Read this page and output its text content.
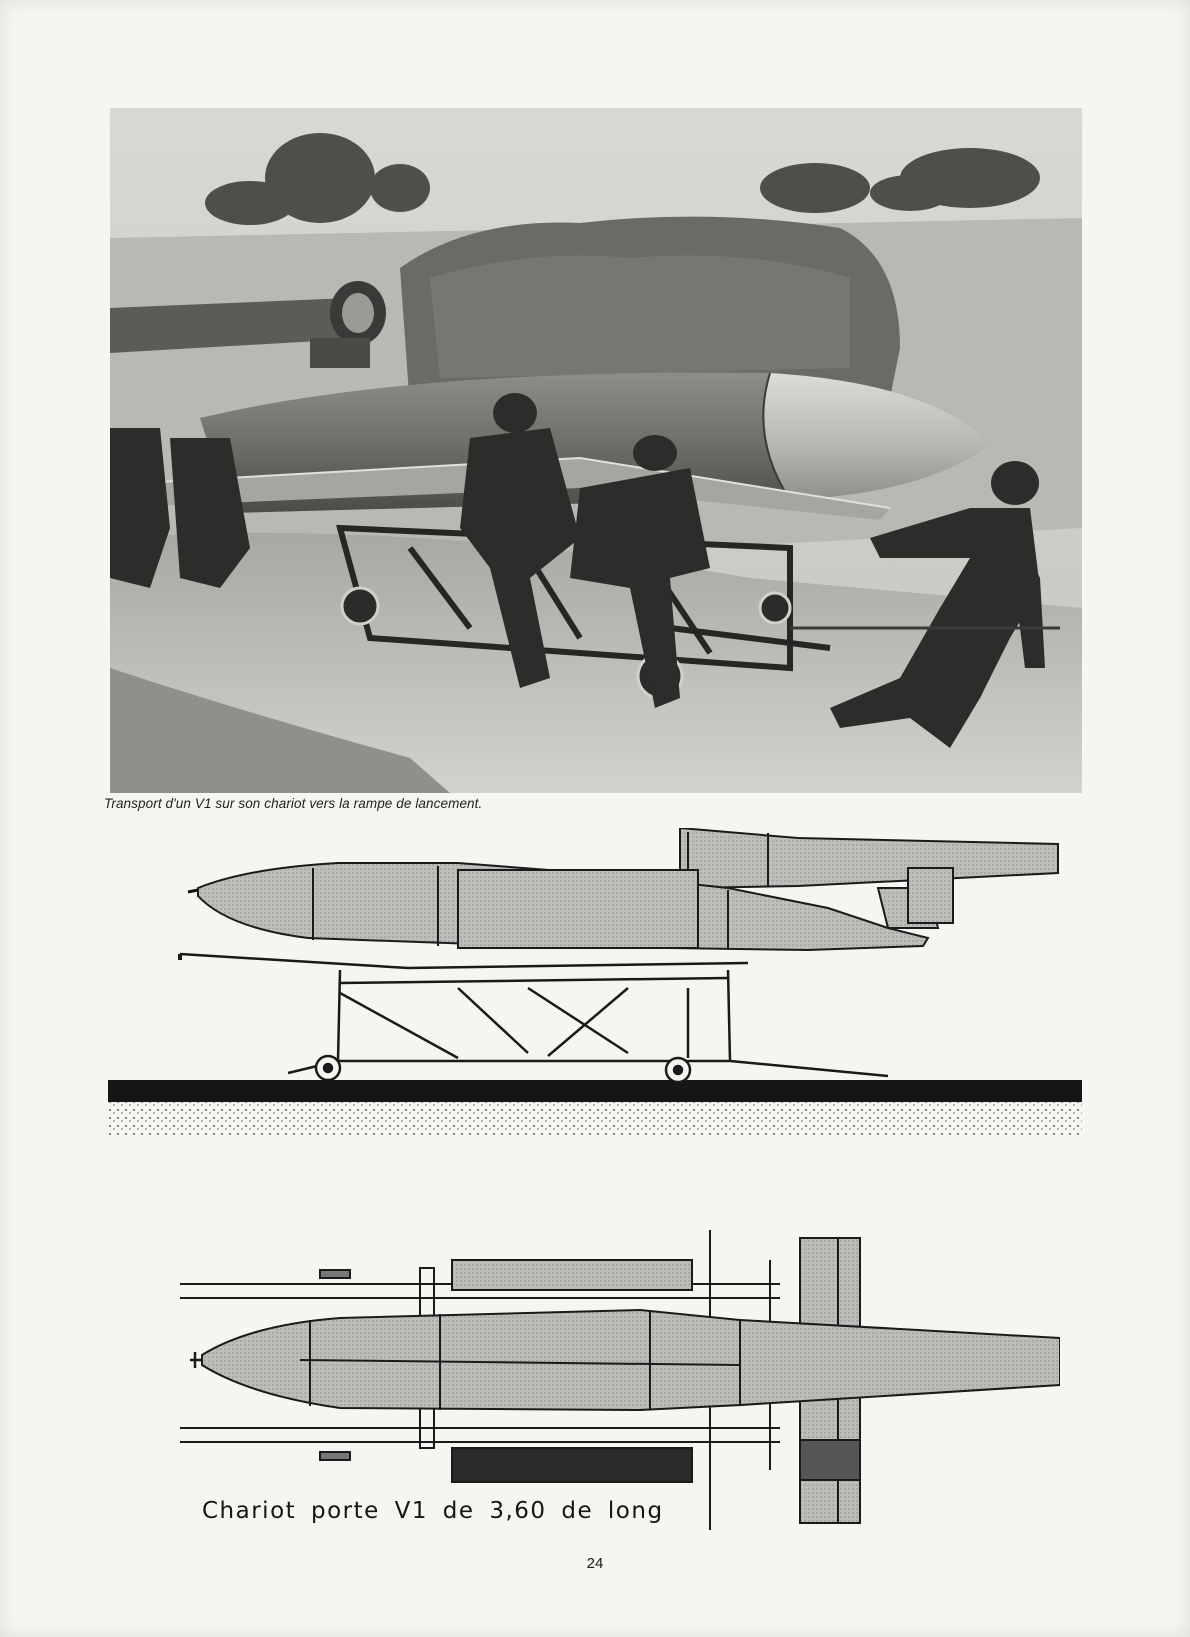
Transport d'un V1 sur son chariot vers la rampe de lancement.
Chariot porte V1 de 3,60 de long
24
